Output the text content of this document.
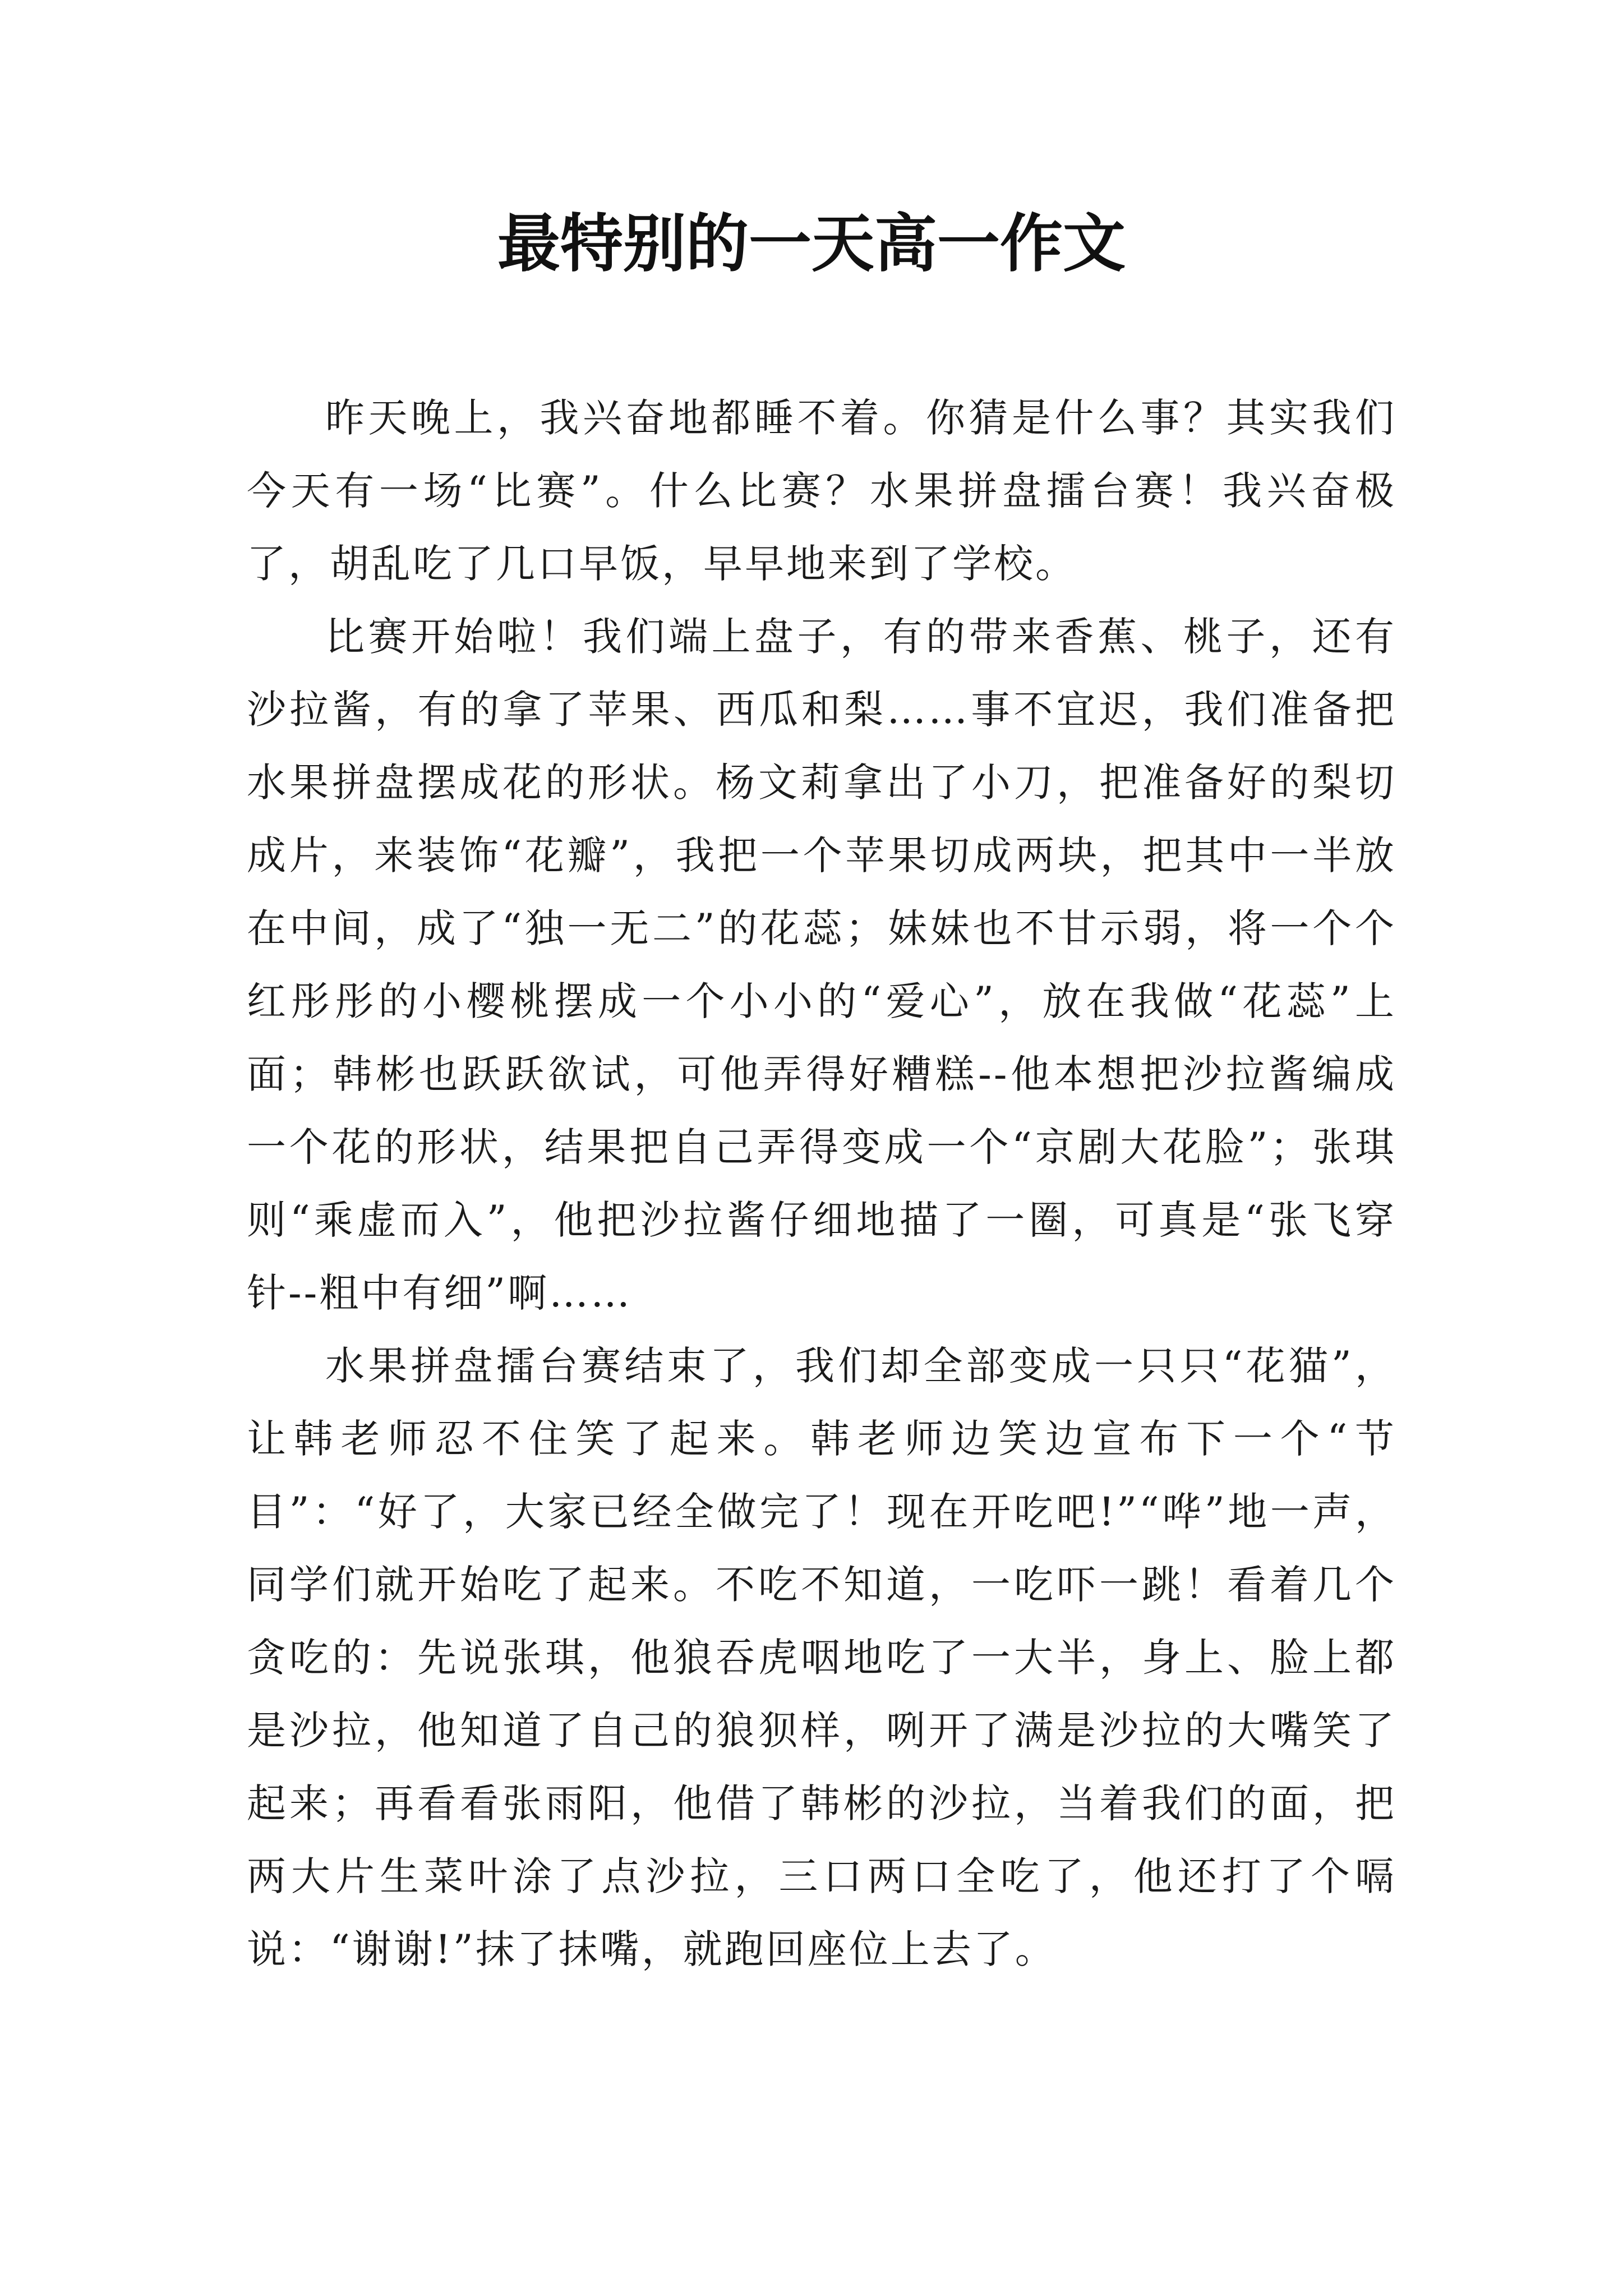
最特别的一天高一作文

昨天晚上，我兴奋地都睡不着。你猜是什么事？其实我们今天有一场“比赛”。什么比赛？水果拼盘擂台赛！我兴奋极了，胡乱吃了几口早饭，早早地来到了学校。

比赛开始啦！我们端上盘子，有的带来香蕉、桃子，还有沙拉酱，有的拿了苹果、西瓜和梨……事不宜迟，我们准备把水果拼盘摆成花的形状。杨文莉拿出了小刀，把准备好的梨切成片，来装饰“花瓣”，我把一个苹果切成两块，把其中一半放在中间，成了“独一无二”的花蕊；妹妹也不甘示弱，将一个个红彤彤的小樱桃摆成一个小小的“爱心”，放在我做“花蕊”上面；韩彬也跃跃欲试，可他弄得好糟糕--他本想把沙拉酱编成一个花的形状，结果把自己弄得变成一个“京剧大花脸”；张琪则“乘虚而入”，他把沙拉酱仔细地描了一圈，可真是“张飞穿针--粗中有细”啊……

水果拼盘擂台赛结束了，我们却全部变成一只只“花猫”，让韩老师忍不住笑了起来。韩老师边笑边宣布下一个“节目”：“好了，大家已经全做完了！现在开吃吧!”“哗”地一声，同学们就开始吃了起来。不吃不知道，一吃吓一跳！看着几个贪吃的：先说张琪，他狼吞虎咽地吃了一大半，身上、脸上都是沙拉，他知道了自己的狼狈样，咧开了满是沙拉的大嘴笑了起来；再看看张雨阳，他借了韩彬的沙拉，当着我们的面，把两大片生菜叶涂了点沙拉，三口两口全吃了，他还打了个嗝说：“谢谢!”抹了抹嘴，就跑回座位上去了。
